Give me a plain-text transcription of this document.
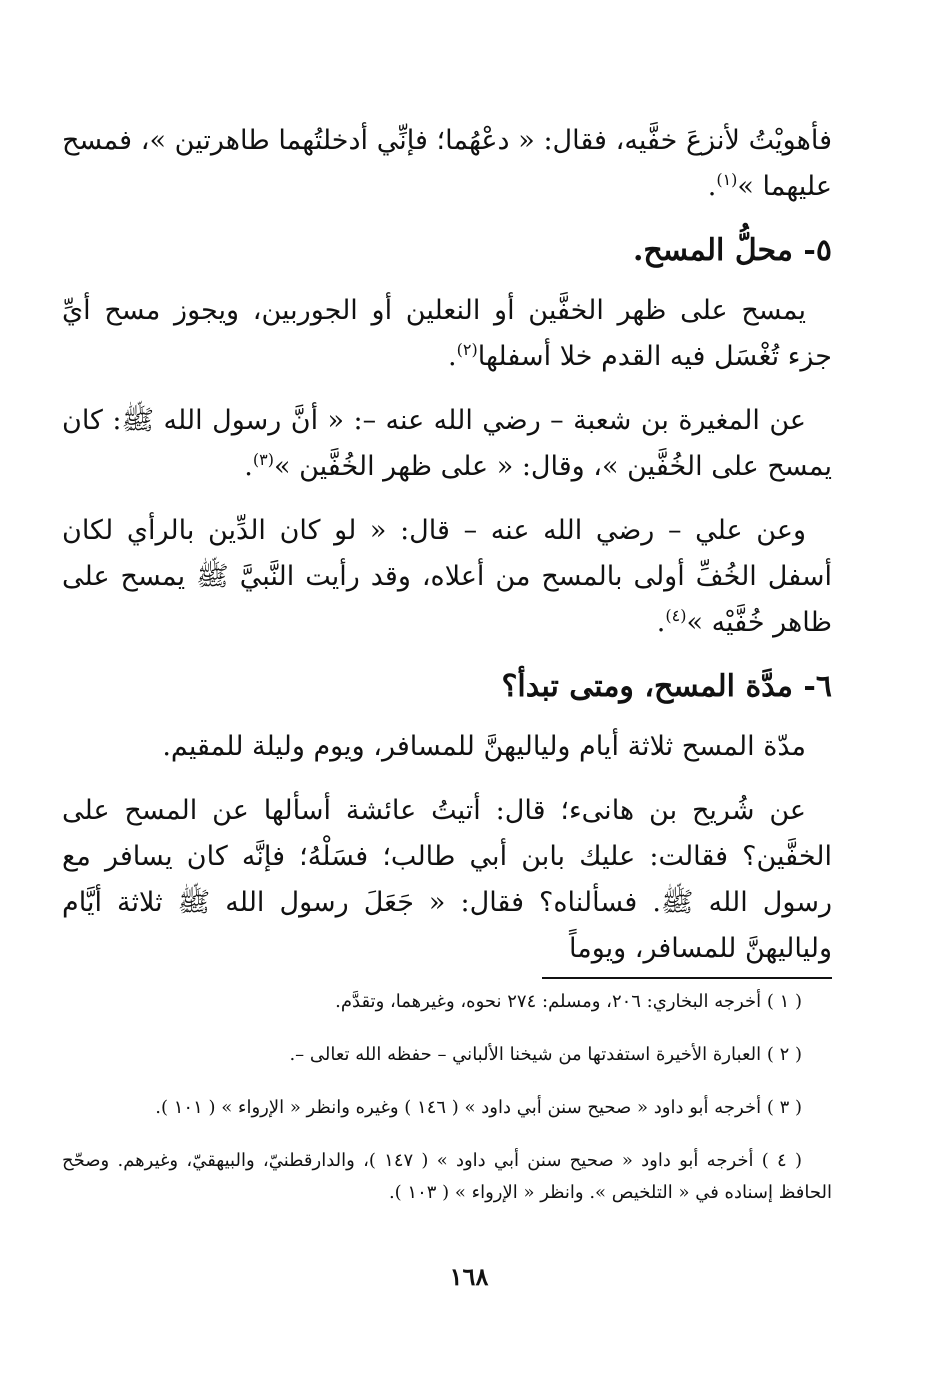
فأهويْتُ لأنزعَ خفَّيه، فقال: « دعْهُما؛ فإنِّي أدخلتُهما طاهرتين »، فمسح عليهما »$^{(١)}$.

٥- محلُّ المسح.

يمسح على ظهر الخفَّين أو النعلين أو الجوربين، ويجوز مسح أيِّ جزء تُغْسَل فيه القدم خلا أسفلها$^{(٢)}$.

عن المغيرة بن شعبة – رضي الله عنه –: « أنَّ رسول الله ﷺ: كان يمسح على الخُفَّين »، وقال: « على ظهر الخُفَّين »$^{(٣)}$.

وعن علي – رضي الله عنه – قال: « لو كان الدِّين بالرأي لكان أسفل الخُفِّ أولى بالمسح من أعلاه، وقد رأيت النَّبيَّ ﷺ يمسح على ظاهر خُفَّيْه »$^{(٤)}$.

٦- مدَّة المسح، ومتى تبدأ؟

مدّة المسح ثلاثة أيام ولياليهنَّ للمسافر، ويوم وليلة للمقيم.

عن شُريح بن هانىء؛ قال: أتيتُ عائشة أسألها عن المسح على الخفَّين؟ فقالت: عليك بابن أبي طالب؛ فسَلْهُ؛ فإنَّه كان يسافر مع رسول الله ﷺ. فسألناه؟ فقال: « جَعَلَ رسول الله ﷺ ثلاثة أيَّام ولياليهنَّ للمسافر، ويوماً

( ١ ) أخرجه البخاري: ٢٠٦، ومسلم: ٢٧٤ نحوه، وغيرهما، وتقدَّم.

( ٢ ) العبارة الأخيرة استفدتها من شيخنا الألباني – حفظه الله تعالى –.

( ٣ ) أخرجه أبو داود « صحيح سنن أبي داود » ( ١٤٦ ) وغيره وانظر « الإرواء » ( ١٠١ ).

( ٤ ) أخرجه أبو داود « صحيح سنن أبي داود » ( ١٤٧ )، والدارقطنيّ، والبيهقيّ، وغيرهم. وصحّح الحافظ إسناده في « التلخيص ». وانظر « الإرواء » ( ١٠٣ ).

١٦٨
